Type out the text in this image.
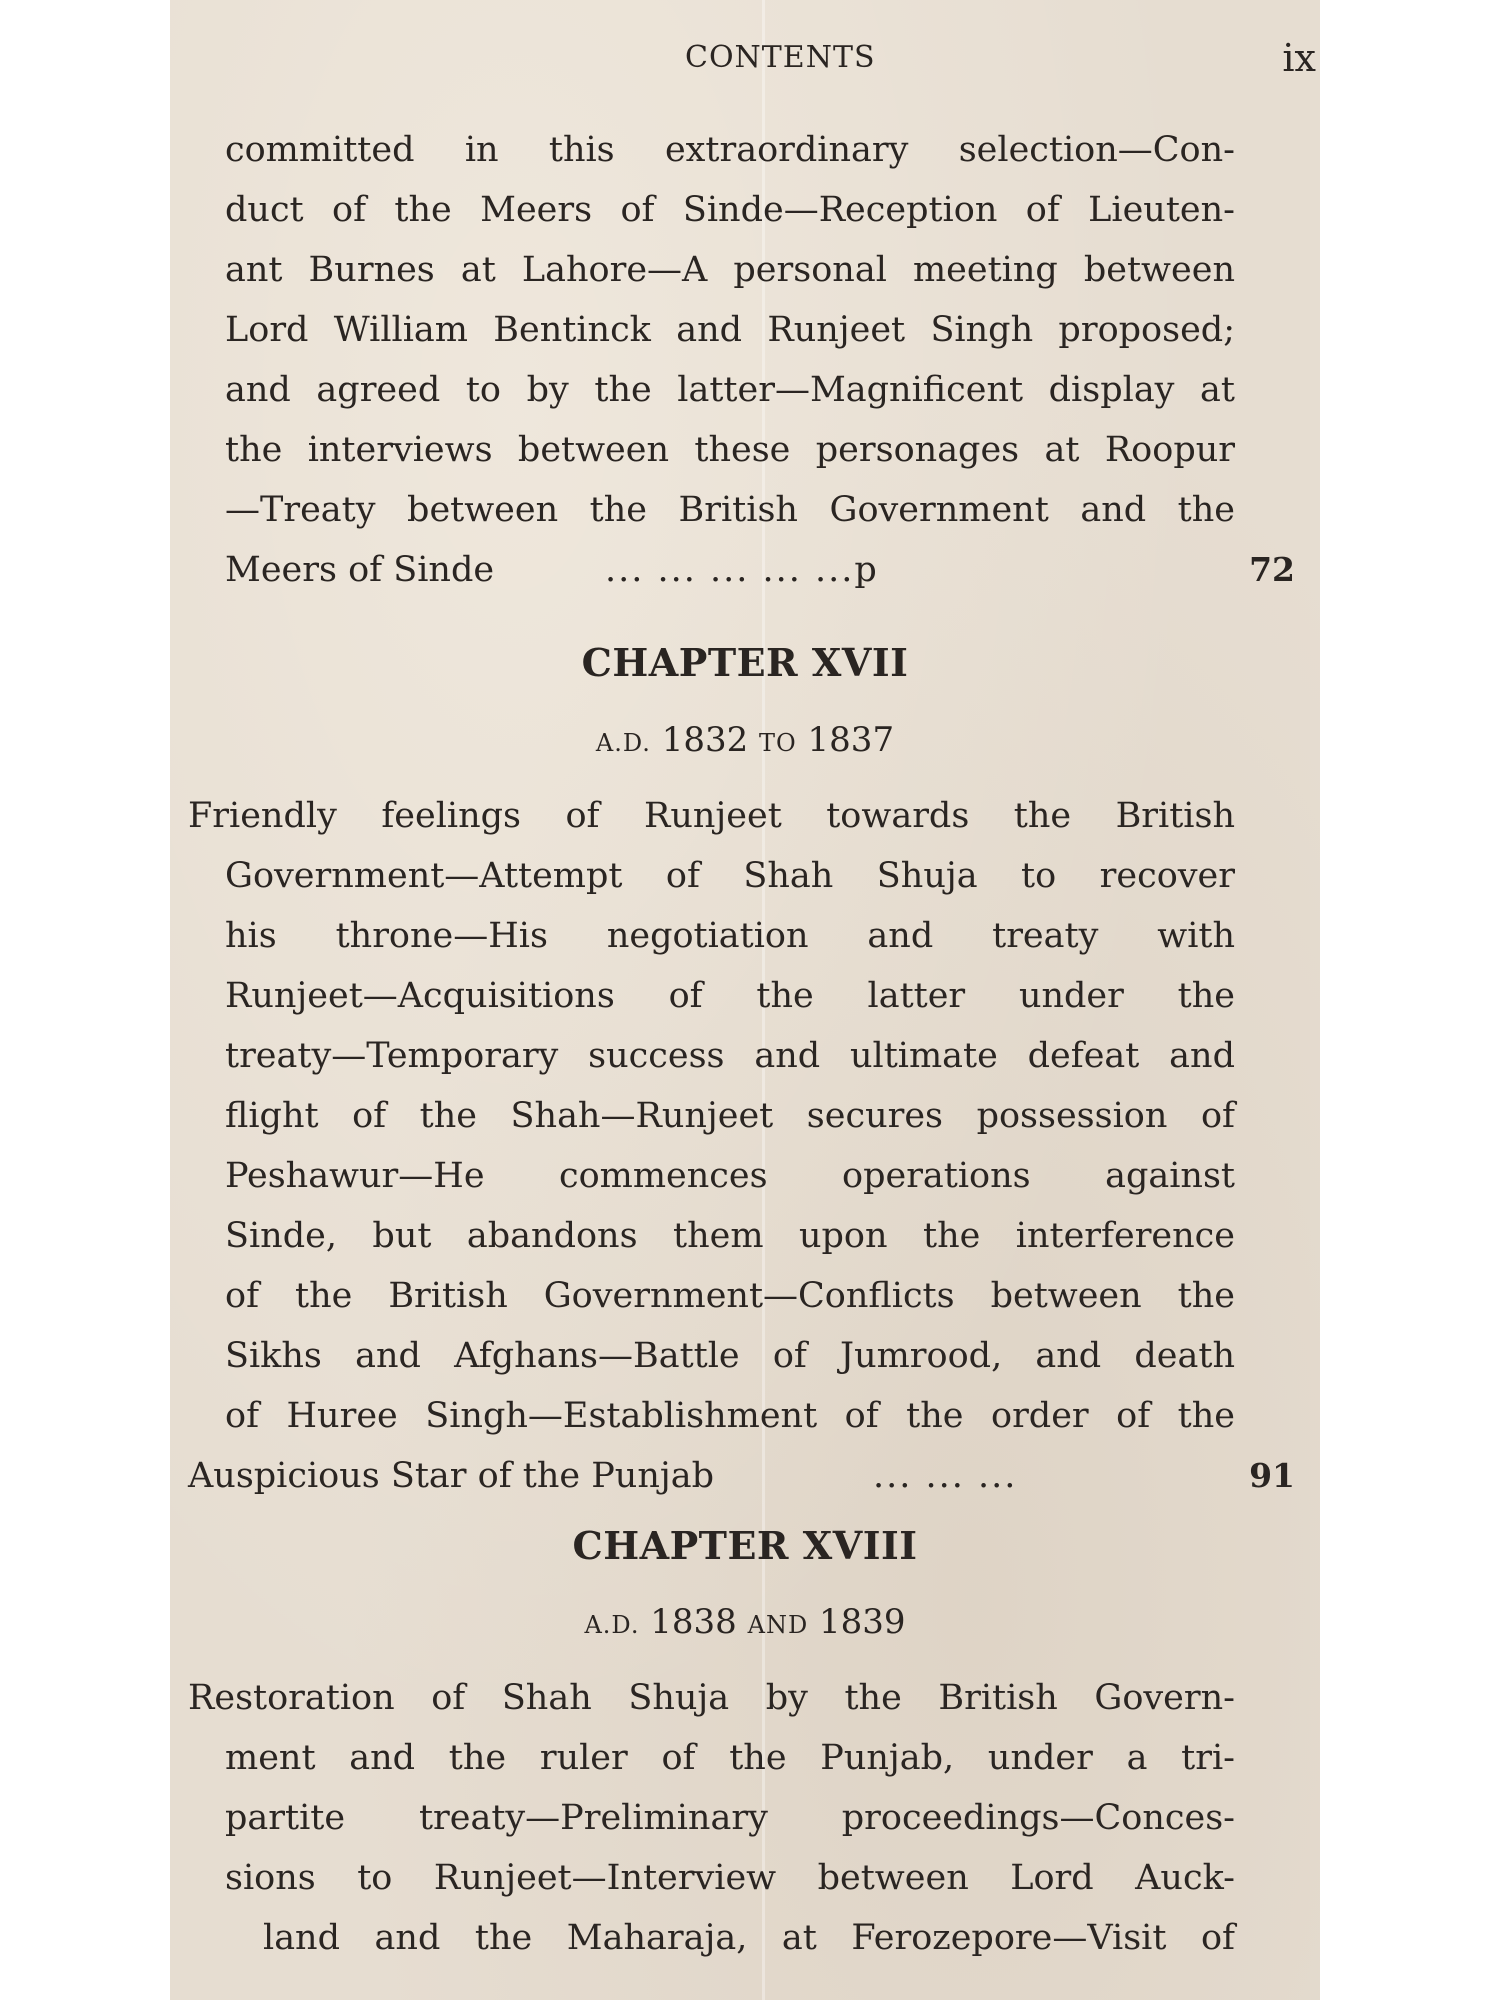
CONTENTS	ix
committed in this extraordinary selection—Con-
duct of the Meers of Sinde—Reception of Lieuten-
ant Burnes at Lahore—A personal meeting between
Lord William Bentinck and Runjeet Singh proposed;
and agreed to by the latter—Magnificent display at
the interviews between these personages at Roopur
—Treaty between the British Government and the
Meers of Sinde	... ... ... ... ...p	72
CHAPTER XVII
A.D. 1832 TO 1837
Friendly feelings of Runjeet towards the British
Government—Attempt of Shah Shuja to recover
his throne—His negotiation and treaty with
Runjeet—Acquisitions of the latter under the
treaty—Temporary success and ultimate defeat and
flight of the Shah—Runjeet secures possession of
Peshawur—He commences operations against
Sinde, but abandons them upon the interference
of the British Government—Conflicts between the
Sikhs and Afghans—Battle of Jumrood, and death
of Huree Singh—Establishment of the order of the
Auspicious Star of the Punjab	... ... ...	91
CHAPTER XVIII
A.D. 1838 AND 1839
Restoration of Shah Shuja by the British Govern-
ment and the ruler of the Punjab, under a tri-
partite treaty—Preliminary proceedings—Conces-
sions to Runjeet—Interview between Lord Auck-
land and the Maharaja, at Ferozepore—Visit of
